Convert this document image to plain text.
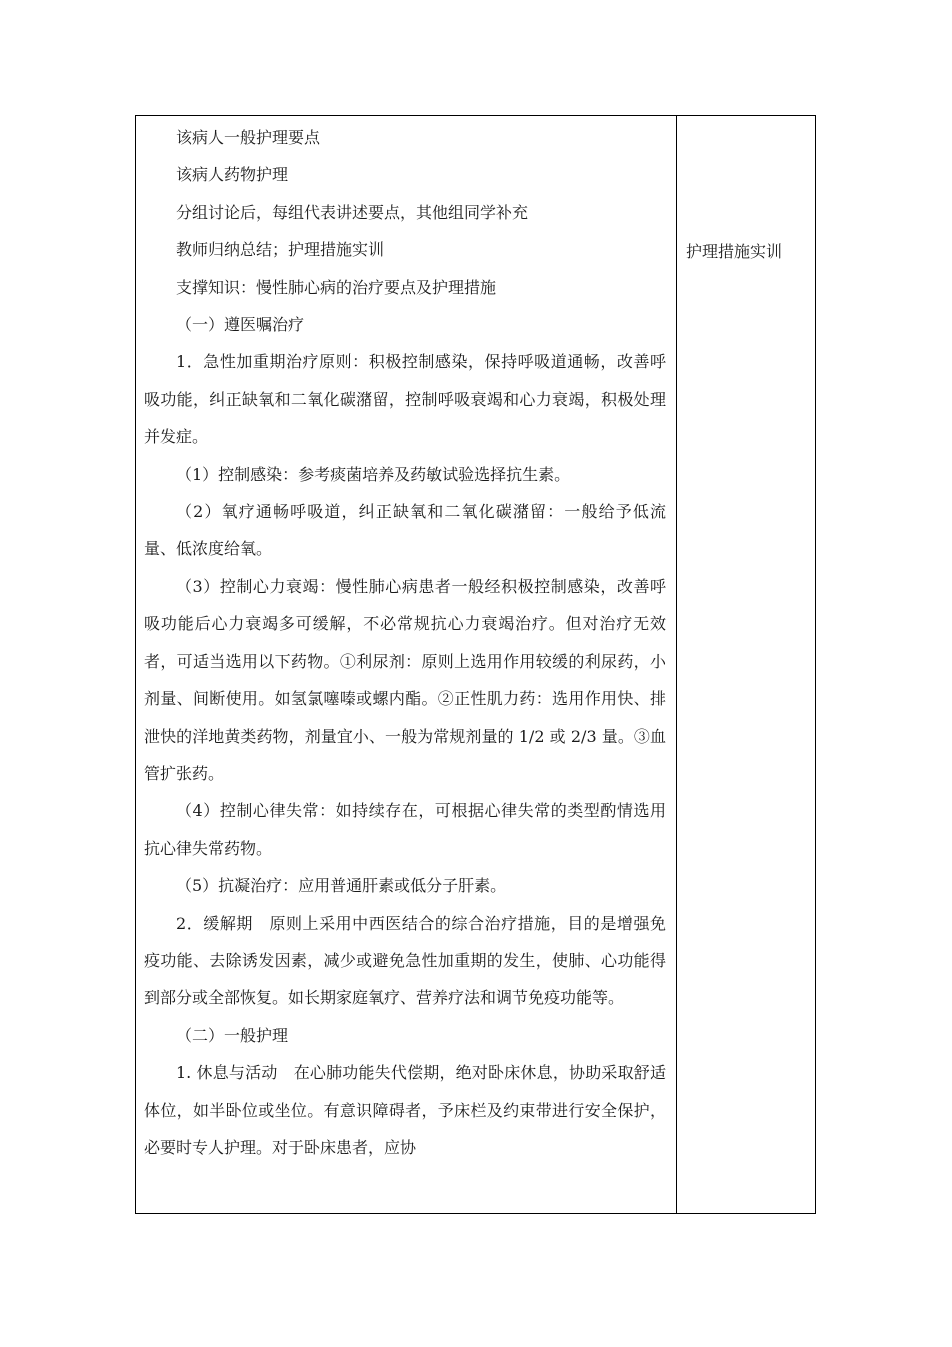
该病人一般护理要点

该病人药物护理

分组讨论后，每组代表讲述要点，其他组同学补充

教师归纳总结；护理措施实训

支撑知识：慢性肺心病的治疗要点及护理措施

（一）遵医嘱治疗

1．急性加重期治疗原则：积极控制感染，保持呼吸道通畅，改善呼吸功能，纠正缺氧和二氧化碳潴留，控制呼吸衰竭和心力衰竭，积极处理并发症。

（1）控制感染：参考痰菌培养及药敏试验选择抗生素。

（2）氧疗通畅呼吸道，纠正缺氧和二氧化碳潴留：一般给予低流量、低浓度给氧。

（3）控制心力衰竭：慢性肺心病患者一般经积极控制感染，改善呼吸功能后心力衰竭多可缓解，不必常规抗心力衰竭治疗。但对治疗无效者，可适当选用以下药物。①利尿剂：原则上选用作用较缓的利尿药，小剂量、间断使用。如氢氯噻嗪或螺内酯。②正性肌力药：选用作用快、排泄快的洋地黄类药物，剂量宜小、一般为常规剂量的 1/2 或 2/3 量。③血管扩张药。

（4）控制心律失常：如持续存在，可根据心律失常的类型酌情选用抗心律失常药物。

（5）抗凝治疗：应用普通肝素或低分子肝素。

2．缓解期　原则上采用中西医结合的综合治疗措施，目的是增强免疫功能、去除诱发因素，减少或避免急性加重期的发生，使肺、心功能得到部分或全部恢复。如长期家庭氧疗、营养疗法和调节免疫功能等。

（二）一般护理

1. 休息与活动　在心肺功能失代偿期，绝对卧床休息，协助采取舒适体位，如半卧位或坐位。有意识障碍者，予床栏及约束带进行安全保护，必要时专人护理。对于卧床患者，应协

护理措施实训
